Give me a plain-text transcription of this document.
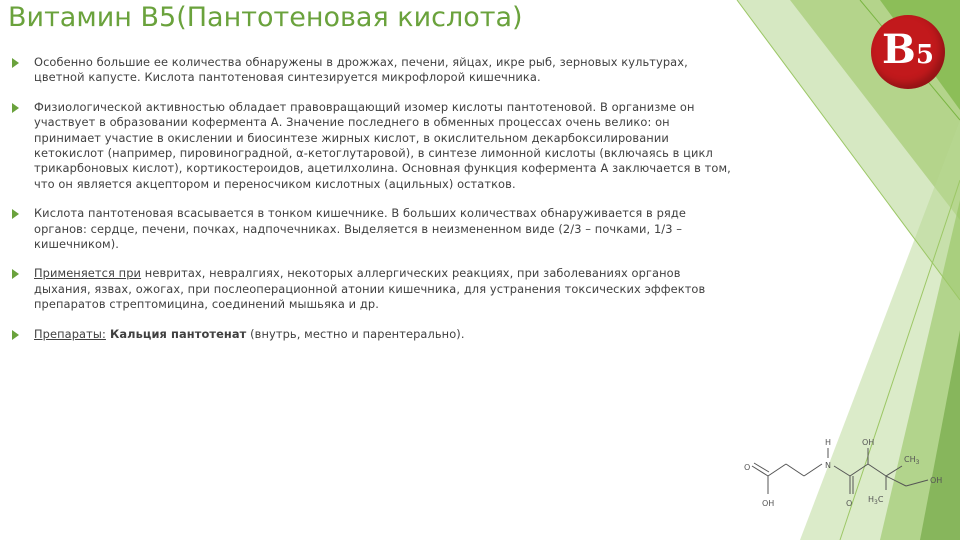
Витамин В5(Пантотеновая кислота)
B5
Особенно большие ее количества обнаружены в дрожжах, печени, яйцах, икре рыб, зерновых культурах, цветной капусте. Кислота пантотеновая синтезируется микрофлорой кишечника.
Физиологической активностью обладает правовращающий изомер кислоты пантотеновой. В организме он участвует в образовании кофермента А. Значение последнего в обменных процессах очень велико: он принимает участие в окислении и биосинтезе жирных кислот, в окислительном декарбоксилировании кетокислот (например, пировиноградной, α-кетоглутаровой), в синтезе лимонной кислоты (включаясь в цикл трикарбоновых кислот), кортикостероидов, ацетилхолина. Основная функция кофермента А заключается в том, что он является акцептором и переносчиком кислотных (ацильных) остатков.
Кислота пантотеновая всасывается в тонком кишечнике. В больших количествах обнаруживается в ряде органов: сердце, печени, почках, надпочечниках. Выделяется в неизмененном виде (2/3 – почками, 1/3 – кишечником).
Применяется при невритах, невралгиях, некоторых аллергических реакциях, при заболеваниях органов дыхания, язвах, ожогах, при послеоперационной атонии кишечника, для устранения токсических эффектов препаратов стрептомицина, соединений мышьяка и др.
Препараты: Кальция пантотенат (внутрь, местно и парентерально).
O
OH
H
N
O
OH
$CH_3$
OH
$H_3C$
